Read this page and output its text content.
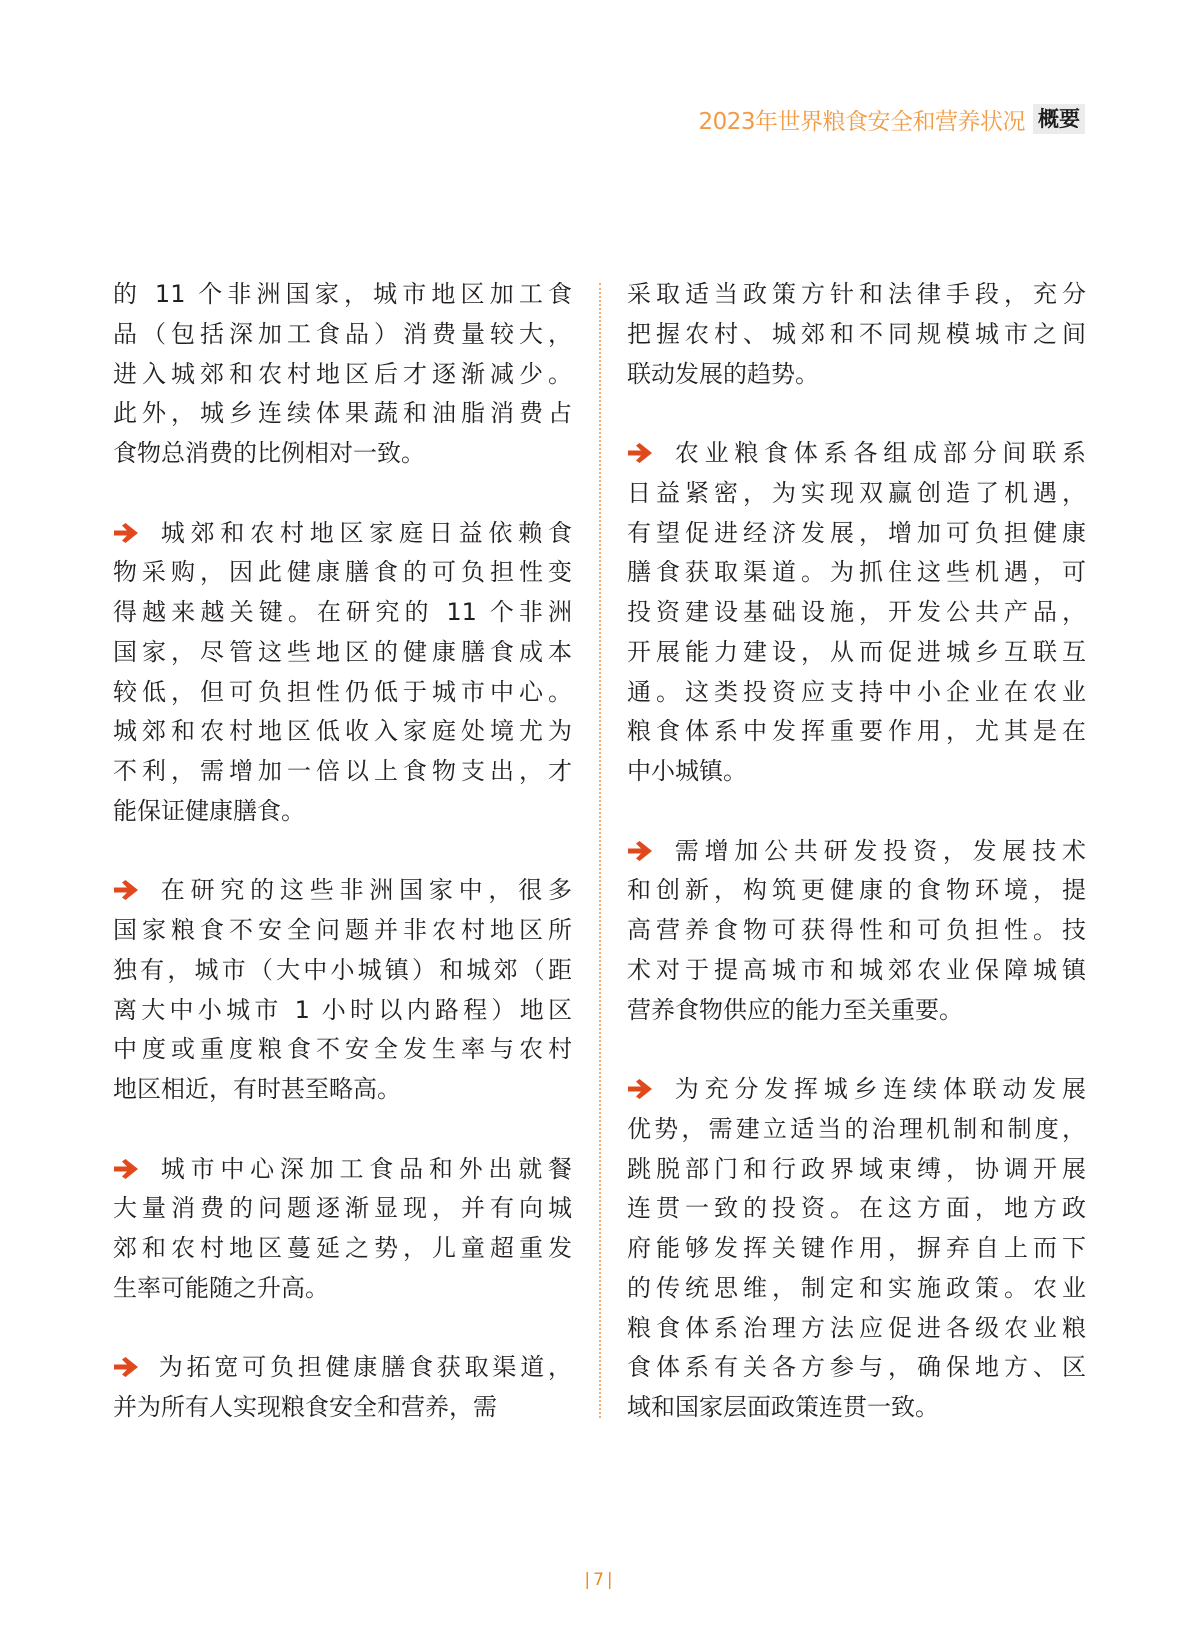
2023年世界粮食安全和营养状况 概要
的 11 个非洲国家，城市地区加工食
品（包括深加工食品）消费量较大，
进入城郊和农村地区后才逐渐减少。
此外，城乡连续体果蔬和油脂消费占
食物总消费的比例相对一致。
城郊和农村地区家庭日益依赖食
物采购，因此健康膳食的可负担性变
得越来越关键。在研究的 11 个非洲
国家，尽管这些地区的健康膳食成本
较低，但可负担性仍低于城市中心。
城郊和农村地区低收入家庭处境尤为
不利，需增加一倍以上食物支出，才
能保证健康膳食。
在研究的这些非洲国家中，很多
国家粮食不安全问题并非农村地区所
独有，城市（大中小城镇）和城郊（距
离大中小城市 1 小时以内路程）地区
中度或重度粮食不安全发生率与农村
地区相近，有时甚至略高。
城市中心深加工食品和外出就餐
大量消费的问题逐渐显现，并有向城
郊和农村地区蔓延之势，儿童超重发
生率可能随之升高。
为拓宽可负担健康膳食获取渠道，
并为所有人实现粮食安全和营养，需
采取适当政策方针和法律手段，充分
把握农村、城郊和不同规模城市之间
联动发展的趋势。
农业粮食体系各组成部分间联系
日益紧密，为实现双赢创造了机遇，
有望促进经济发展，增加可负担健康
膳食获取渠道。为抓住这些机遇，可
投资建设基础设施，开发公共产品，
开展能力建设，从而促进城乡互联互
通。这类投资应支持中小企业在农业
粮食体系中发挥重要作用，尤其是在
中小城镇。
需增加公共研发投资，发展技术
和创新，构筑更健康的食物环境，提
高营养食物可获得性和可负担性。技
术对于提高城市和城郊农业保障城镇
营养食物供应的能力至关重要。
为充分发挥城乡连续体联动发展
优势，需建立适当的治理机制和制度，
跳脱部门和行政界域束缚，协调开展
连贯一致的投资。在这方面，地方政
府能够发挥关键作用，摒弃自上而下
的传统思维，制定和实施政策。农业
粮食体系治理方法应促进各级农业粮
食体系有关各方参与，确保地方、区
域和国家层面政策连贯一致。
|7|
